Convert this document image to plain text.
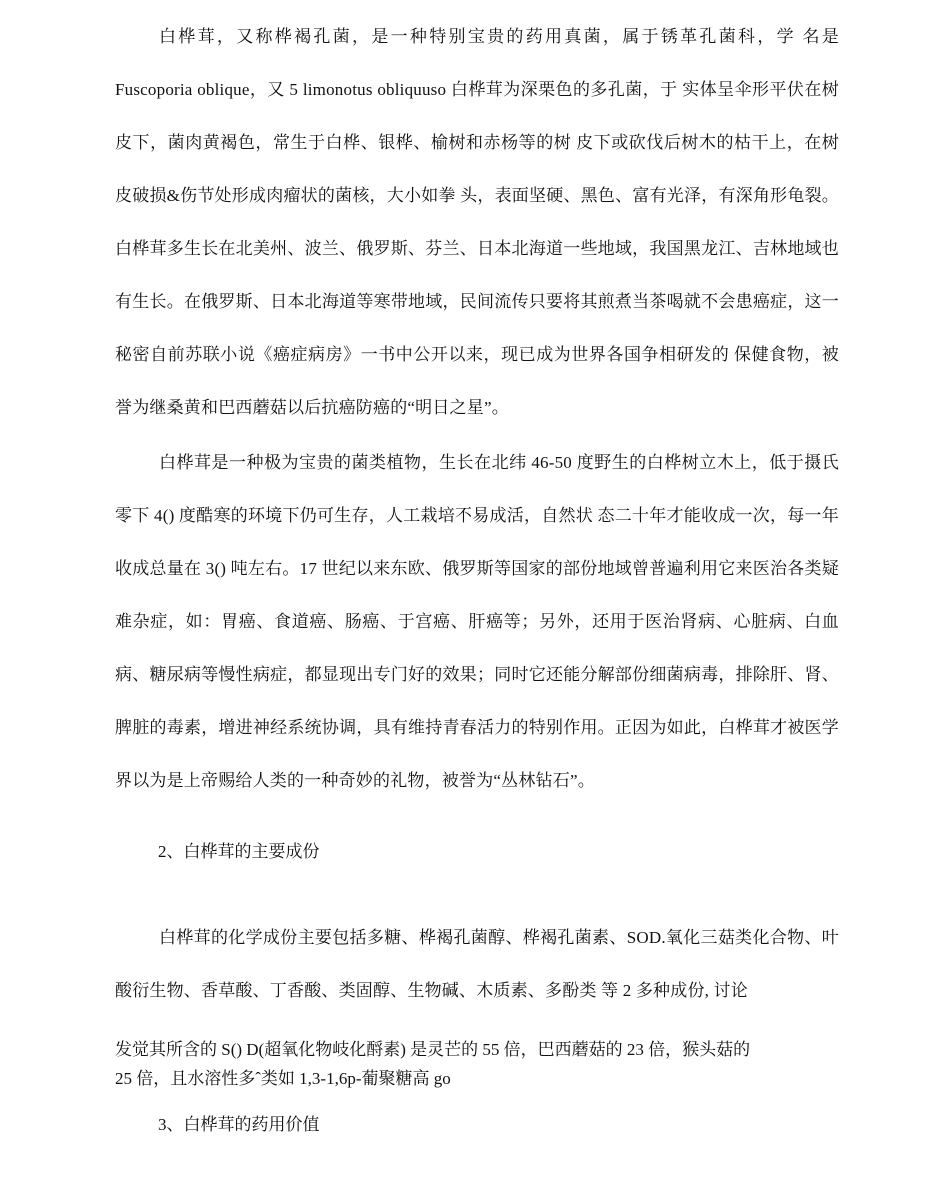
白桦茸，又称桦褐孔菌，是一种特别宝贵的药用真菌，属于锈革孔菌科，学 名是Fuscoporia oblique，又 5 limonotus obliquuso 白桦茸为深栗色的多孔菌，于 实体呈伞形平伏在树皮下，菌肉黄褐色，常生于白桦、银桦、榆树和赤杨等的树 皮下或砍伐后树木的枯干上，在树皮破损&伤节处形成肉瘤状的菌核，大小如拳 头，表面坚硬、黑色、富有光泽，有深角形龟裂。白桦茸多生长在北美州、波兰、俄罗斯、芬兰、日本北海道一些地域，我国黑龙江、吉林地域也有生长。在俄罗斯、日本北海道等寒带地域，民间流传只要将其煎煮当茶喝就不会患癌症，这一秘密自前苏联小说《癌症病房》一书中公开以来，现已成为世界各国争相研发的 保健食物，被誉为继桑黄和巴西蘑菇以后抗癌防癌的“明日之星”。

白桦茸是一种极为宝贵的菌类植物，生长在北纬 46-50 度野生的白桦树立木上，低于摄氏零下 4() 度酷寒的环境下仍可生存，人工栽培不易成活，自然状 态二十年才能收成一次，每一年收成总量在 3() 吨左右。17 世纪以来东欧、俄罗斯等国家的部份地域曾普遍利用它来医治各类疑难杂症，如：胃癌、食道癌、肠癌、于宫癌、肝癌等；另外，还用于医治肾病、心脏病、白血病、糖尿病等慢性病症，都显现出专门好的效果；同时它还能分解部份细菌病毒，排除肝、肾、脾脏的毒素，增进神经系统协调，具有维持青春活力的特别作用。正因为如此，白桦茸才被医学界以为是上帝赐给人类的一种奇妙的礼物，被誉为“丛林钻石”。

2、白桦茸的主要成份

白桦茸的化学成份主要包括多糖、桦褐孔菌醇、桦褐孔菌素、SOD.氧化三菇类化合物、叶酸衍生物、香草酸、丁香酸、类固醇、生物碱、木质素、多酚类 等 2 多种成份, 讨论

发觉其所含的 S() D(超氧化物岐化酹素) 是灵芒的 55 倍，巴西蘑菇的 23 倍，猴头菇的

25 倍，且水溶性多ˆ类如 1,3-1,6p-葡聚糖高 go

3、白桦茸的药用价值
